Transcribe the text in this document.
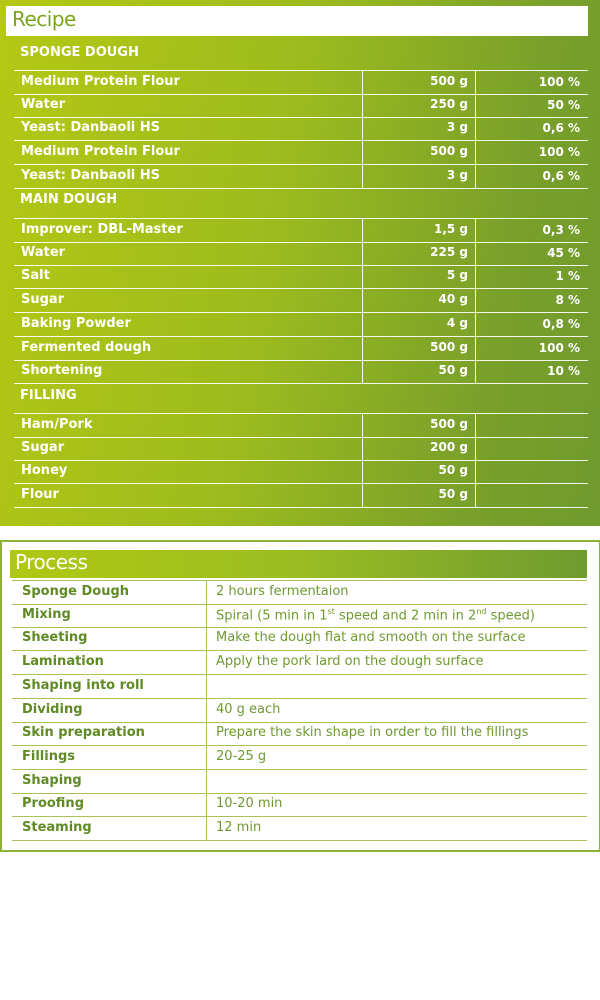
Recipe
SPONGE DOUGH
Medium Protein Flour	500 g	100 %
Water	250 g	50 %
Yeast: Danbaoli HS	3 g	0,6 %
Medium Protein Flour	500 g	100 %
Yeast: Danbaoli HS	3 g	0,6 %
MAIN DOUGH
Improver: DBL-Master	1,5 g	0,3 %
Water	225 g	45 %
Salt	5 g	1 %
Sugar	40 g	8 %
Baking Powder	4 g	0,8 %
Fermented dough	500 g	100 %
Shortening	50 g	10 %
FILLING
Ham/Pork	500 g
Sugar	200 g
Honey	50 g
Flour	50 g
Process
Sponge Dough	2 hours fermentaion
Mixing	Spiral (5 min in 1st speed and 2 min in 2nd speed)
Sheeting	Make the dough flat and smooth on the surface
Lamination	Apply the pork lard on the dough surface
Shaping into roll
Dividing	40 g each
Skin preparation	Prepare the skin shape in order to fill the fillings
Fillings	20-25 g
Shaping
Proofing	10-20 min
Steaming	12 min
